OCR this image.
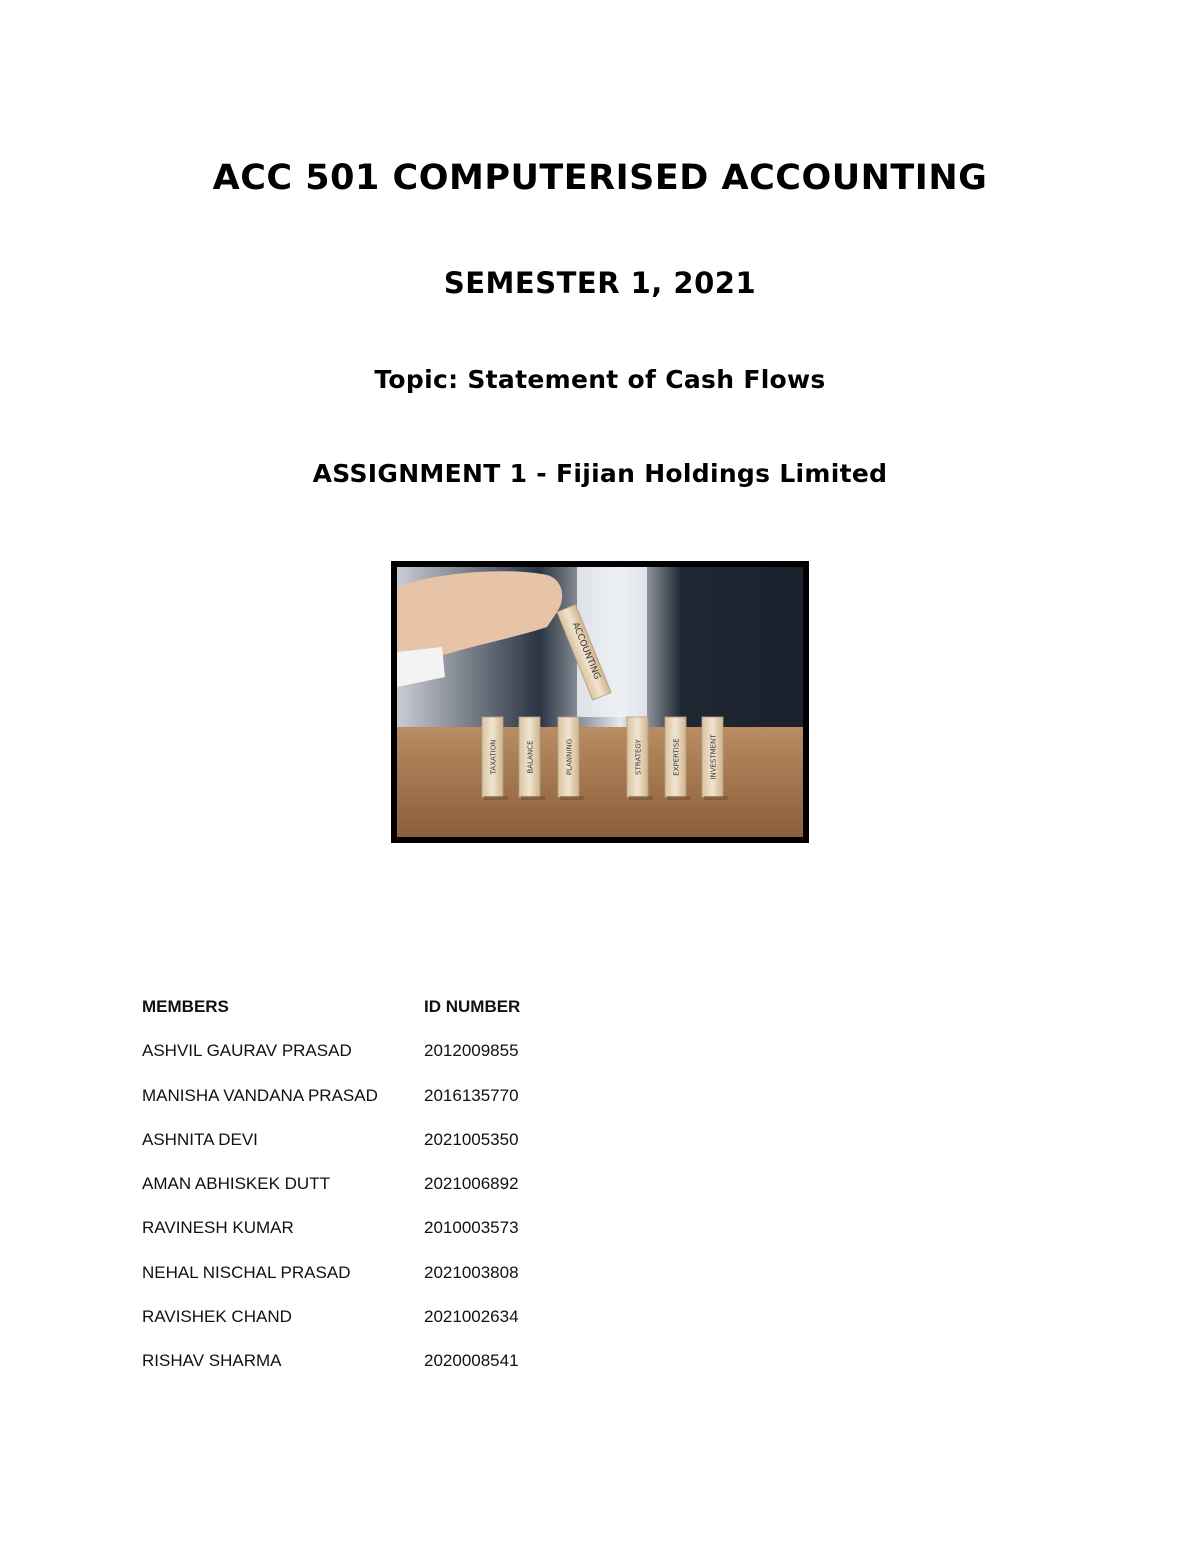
ACC 501 COMPUTERISED ACCOUNTING
SEMESTER 1, 2021
Topic: Statement of Cash Flows
ASSIGNMENT 1 - Fijian Holdings Limited
ACCOUNTING
TAXATION	BALANCE	PLANNING	STRATEGY	EXPERTISE	INVESTMENT
MEMBERS	ID NUMBER
ASHVIL GAURAV PRASAD	2012009855
MANISHA VANDANA PRASAD	2016135770
ASHNITA DEVI	2021005350
AMAN ABHISKEK DUTT	2021006892
RAVINESH KUMAR	2010003573
NEHAL NISCHAL PRASAD	2021003808
RAVISHEK CHAND	2021002634
RISHAV SHARMA	2020008541
